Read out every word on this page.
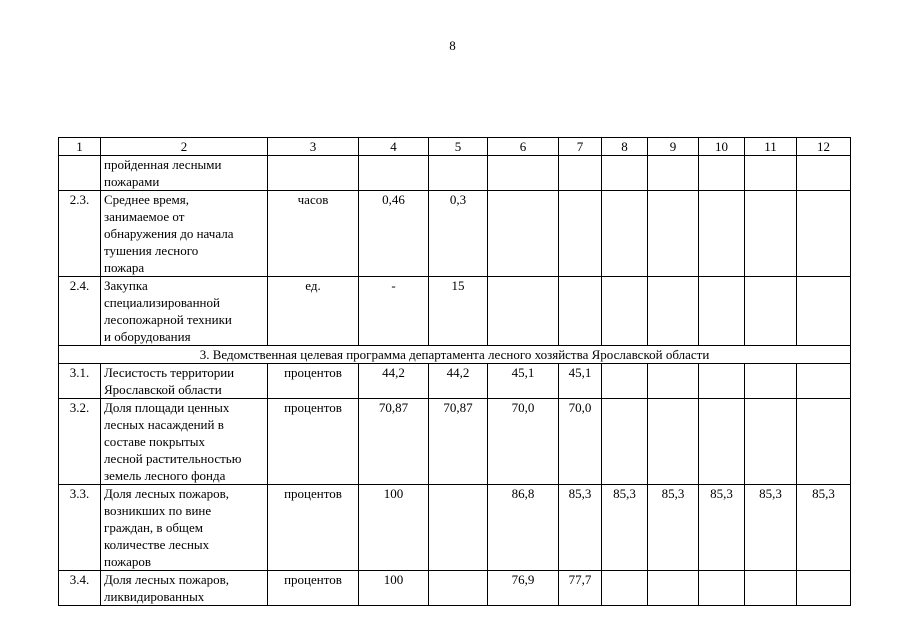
8
1	2	3	4	5	6	7	8	9	10	11	12
	пройденная лесными
пожарами										
2.3.	Среднее время,
занимаемое от
обнаружения до начала
тушения лесного
пожара	часов	0,46	0,3							
2.4.	Закупка
специализированной
лесопожарной техники
и оборудования	ед.	-	15							
3. Ведомственная целевая программа департамента лесного хозяйства Ярославской области											
3.1.	Лесистость территории
Ярославской области	процентов	44,2	44,2	45,1	45,1					
3.2.	Доля площади ценных
лесных насаждений в
составе покрытых
лесной растительностью
земель лесного фонда	процентов	70,87	70,87	70,0	70,0					
3.3.	Доля лесных пожаров,
возникших по вине
граждан, в общем
количестве лесных
пожаров	процентов	100		86,8	85,3	85,3	85,3	85,3	85,3	85,3
3.4.	Доля лесных пожаров,
ликвидированных	процентов	100		76,9	77,7					
